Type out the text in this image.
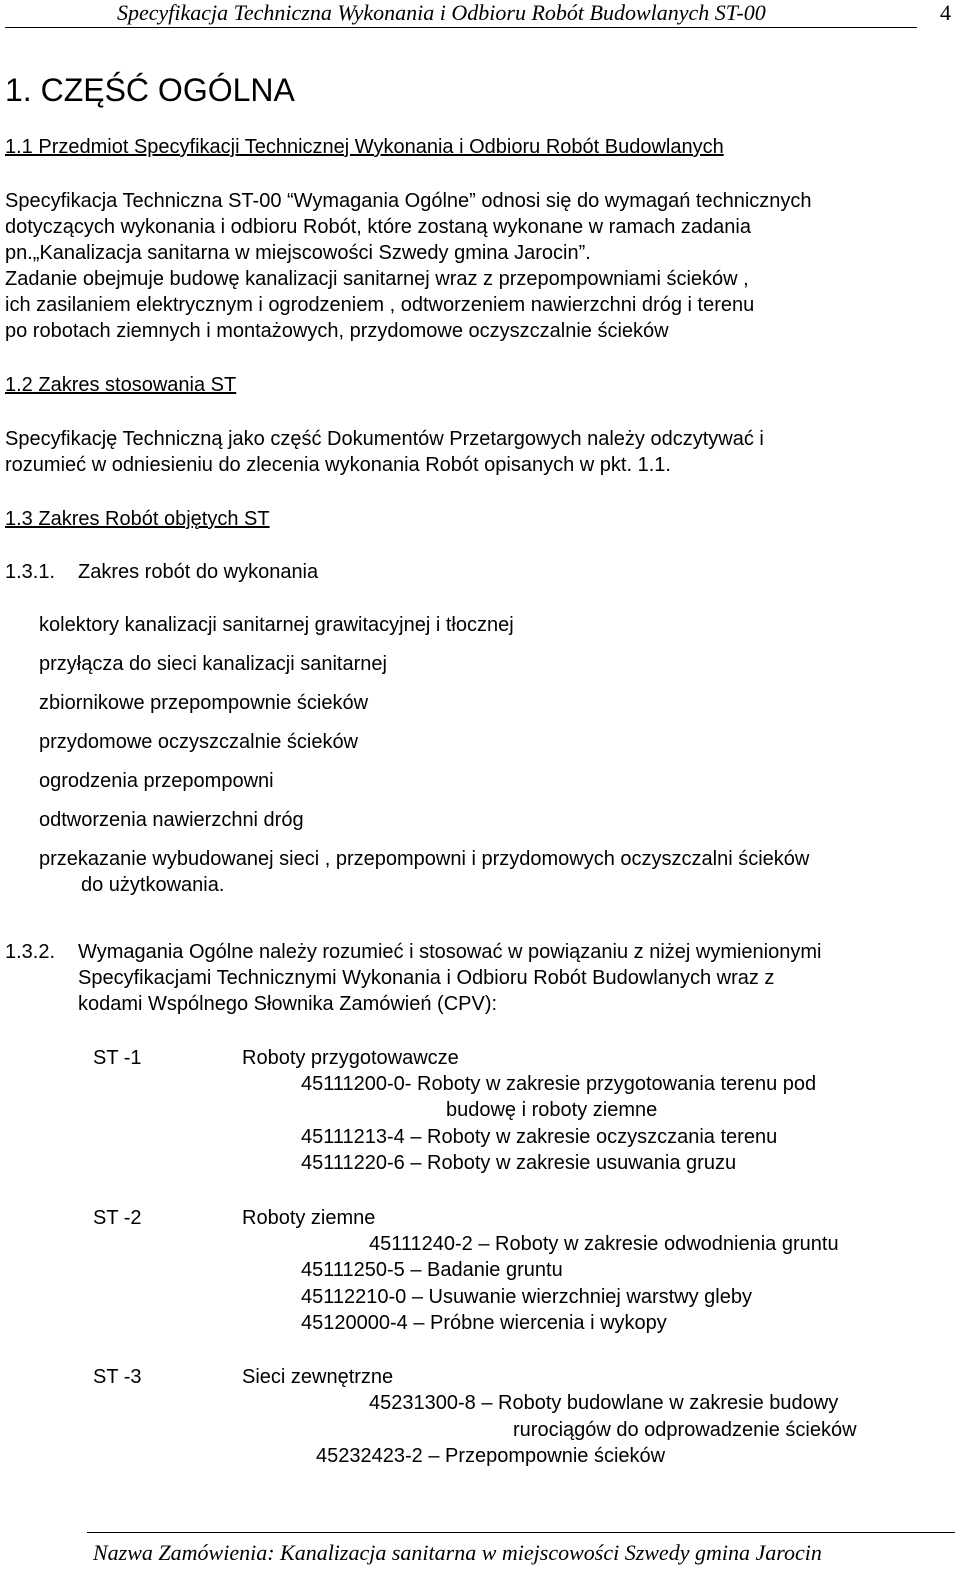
Specyfikacja Techniczna Wykonania i Odbioru Robót Budowlanych ST-00	4
1. CZĘŚĆ OGÓLNA
1.1 Przedmiot Specyfikacji Technicznej Wykonania i Odbioru Robót Budowlanych
Specyfikacja Techniczna ST-00 “Wymagania Ogólne” odnosi się do wymagań technicznych
dotyczących wykonania i odbioru Robót, które zostaną wykonane w ramach zadania
pn.„Kanalizacja sanitarna w miejscowości Szwedy gmina Jarocin”.
Zadanie obejmuje budowę kanalizacji sanitarnej wraz z przepompowniami ścieków ,
ich zasilaniem elektrycznym i ogrodzeniem , odtworzeniem nawierzchni dróg i terenu
po robotach ziemnych i montażowych, przydomowe oczyszczalnie ścieków
1.2 Zakres stosowania ST
Specyfikację Techniczną jako część Dokumentów Przetargowych należy odczytywać i
rozumieć w odniesieniu do zlecenia wykonania Robót opisanych w pkt. 1.1.
1.3 Zakres Robót objętych ST
1.3.1. Zakres robót do wykonania
kolektory kanalizacji sanitarnej grawitacyjnej i tłocznej
przyłącza do sieci kanalizacji sanitarnej
zbiornikowe przepompownie ścieków
przydomowe oczyszczalnie ścieków
ogrodzenia przepompowni
odtworzenia nawierzchni dróg
przekazanie wybudowanej sieci , przepompowni i przydomowych oczyszczalni ścieków
do użytkowania.
1.3.2. Wymagania Ogólne należy rozumieć i stosować w powiązaniu z niżej wymienionymi
Specyfikacjami Technicznymi Wykonania i Odbioru Robót Budowlanych wraz z
kodami Wspólnego Słownika Zamówień (CPV):
ST -1	Roboty przygotowawcze
45111200-0- Roboty w zakresie przygotowania terenu pod
budowę i roboty ziemne
45111213-4 – Roboty w zakresie oczyszczania terenu
45111220-6 – Roboty w zakresie usuwania gruzu
ST -2	Roboty ziemne
45111240-2 – Roboty w zakresie odwodnienia gruntu
45111250-5 – Badanie gruntu
45112210-0 – Usuwanie wierzchniej warstwy gleby
45120000-4 – Próbne wiercenia i wykopy
ST -3	Sieci zewnętrzne
45231300-8 – Roboty budowlane w zakresie budowy
rurociągów do odprowadzenie ścieków
45232423-2 – Przepompownie ścieków
Nazwa Zamówienia: Kanalizacja sanitarna w miejscowości Szwedy gmina Jarocin
